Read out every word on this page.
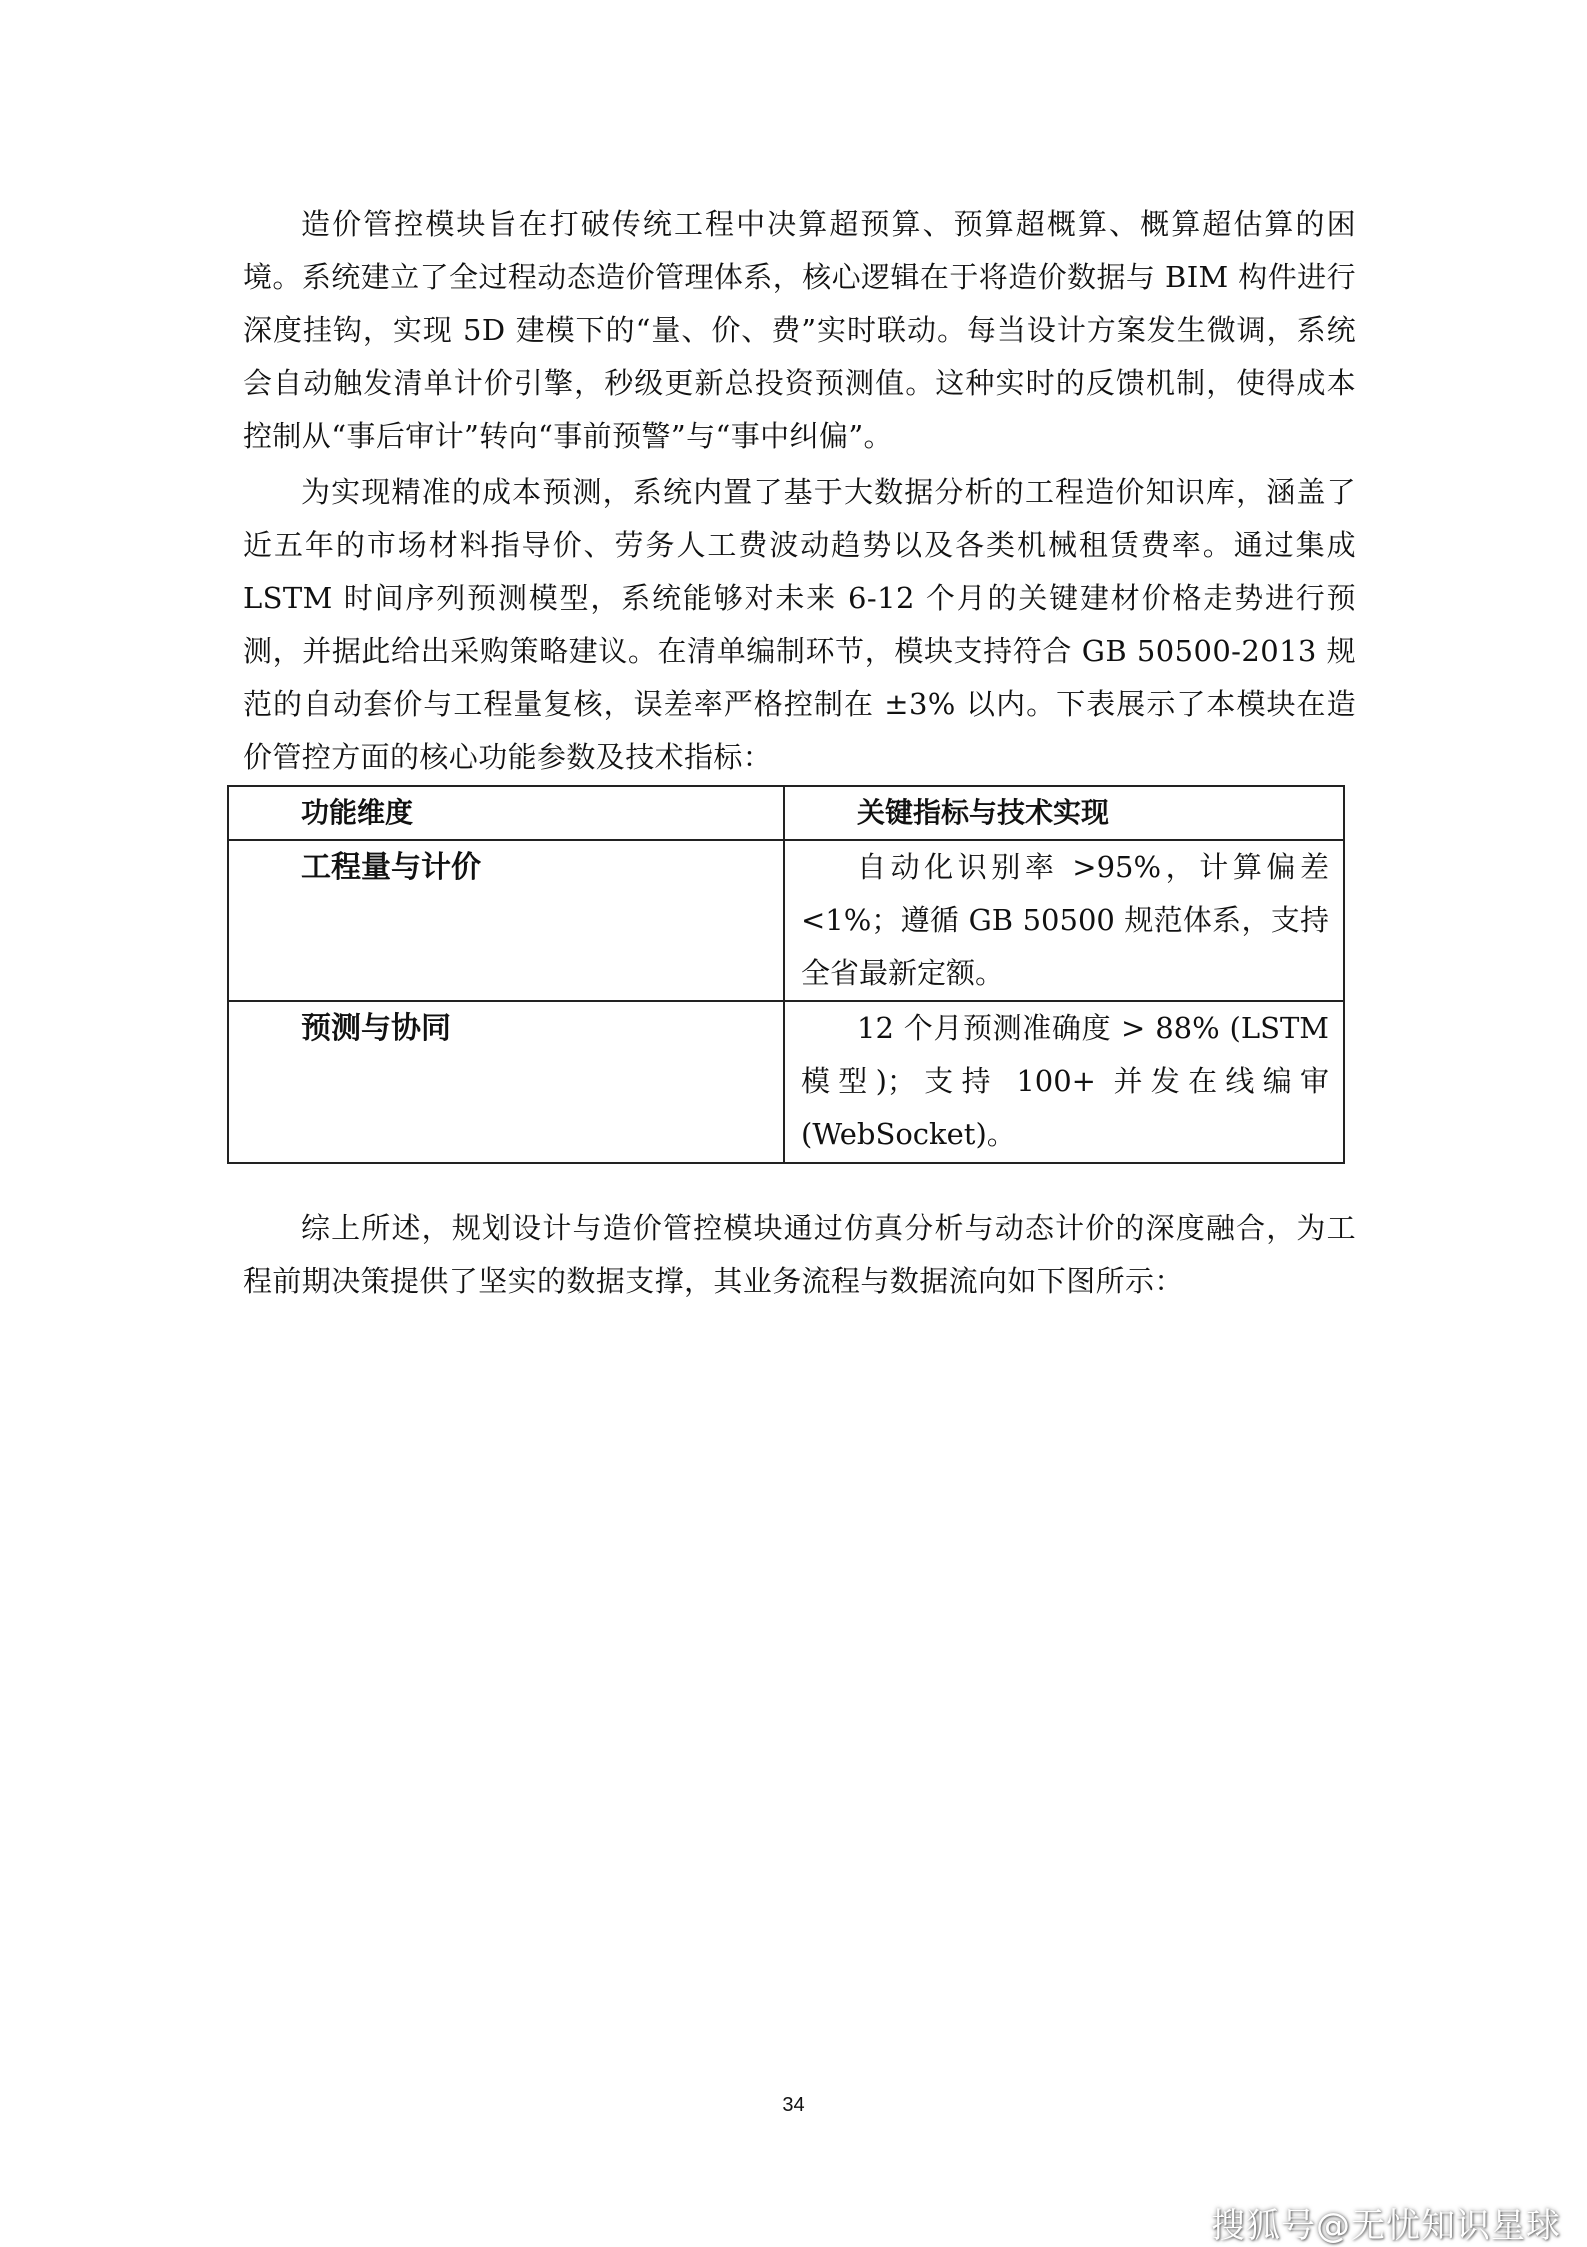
造价管控模块旨在打破传统工程中决算超预算、预算超概算、概算超估算的困境。系统建立了全过程动态造价管理体系，核心逻辑在于将造价数据与 BIM 构件进行深度挂钩，实现 5D 建模下的“量、价、费”实时联动。每当设计方案发生微调，系统会自动触发清单计价引擎，秒级更新总投资预测值。这种实时的反馈机制，使得成本控制从“事后审计”转向“事前预警”与“事中纠偏”。

为实现精准的成本预测，系统内置了基于大数据分析的工程造价知识库，涵盖了近五年的市场材料指导价、劳务人工费波动趋势以及各类机械租赁费率。通过集成 LSTM 时间序列预测模型，系统能够对未来 6-12 个月的关键建材价格走势进行预测，并据此给出采购策略建议。在清单编制环节，模块支持符合 GB 50500-2013 规范的自动套价与工程量复核，误差率严格控制在 ±3% 以内。下表展示了本模块在造价管控方面的核心功能参数及技术指标：

功能维度	关键指标与技术实现
工程量与计价	自动化识别率 >95%，计算偏差 <1%；遵循 GB 50500 规范体系，支持全省最新定额。
预测与协同	12 个月预测准确度 > 88% (LSTM 模型)；支持 100+ 并发在线编审 (WebSocket)。

综上所述，规划设计与造价管控模块通过仿真分析与动态计价的深度融合，为工程前期决策提供了坚实的数据支撑，其业务流程与数据流向如下图所示：

34
搜狐号@无忧知识星球
